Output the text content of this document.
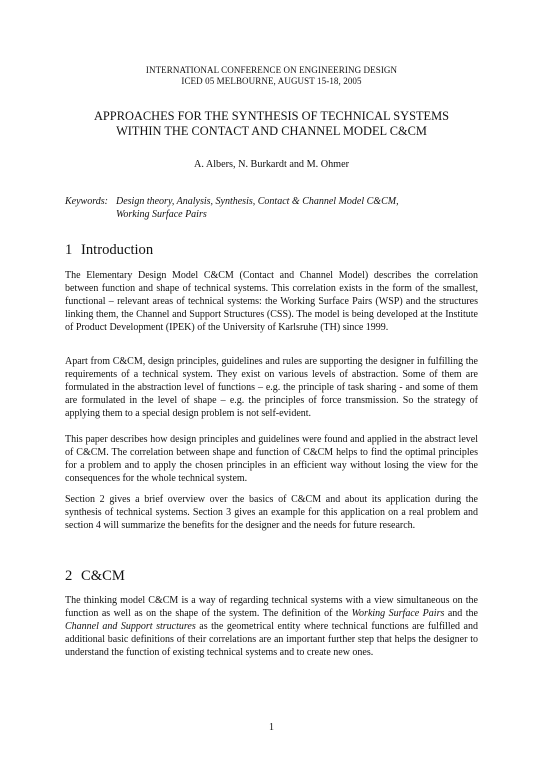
INTERNATIONAL CONFERENCE ON ENGINEERING DESIGN
ICED 05 MELBOURNE, AUGUST 15-18, 2005
APPROACHES FOR THE SYNTHESIS OF TECHNICAL SYSTEMS
WITHIN THE CONTACT AND CHANNEL MODEL C&CM
A. Albers, N. Burkardt and M. Ohmer
Keywords: Design theory, Analysis, Synthesis, Contact & Channel Model C&CM,
Working Surface Pairs
1 Introduction
The Elementary Design Model C&CM (Contact and Channel Model) describes the correlation between function and shape of technical systems. This correlation exists in the form of the smallest, functional – relevant areas of technical systems: the Working Surface Pairs (WSP) and the structures linking them, the Channel and Support Structures (CSS). The model is being developed at the Institute of Product Development (IPEK) of the University of Karlsruhe (TH) since 1999.
Apart from C&CM, design principles, guidelines and rules are supporting the designer in fulfilling the requirements of a technical system. They exist on various levels of abstraction. Some of them are formulated in the abstraction level of functions – e.g. the principle of task sharing - and some of them are formulated in the level of shape – e.g. the principles of force transmission. So the strategy of applying them to a special design problem is not self-evident.
This paper describes how design principles and guidelines were found and applied in the abstract level of C&CM. The correlation between shape and function of C&CM helps to find the optimal principles for a problem and to apply the chosen principles in an efficient way without losing the view for the consequences for the whole technical system.
Section 2 gives a brief overview over the basics of C&CM and about its application during the synthesis of technical systems. Section 3 gives an example for this application on a real problem and section 4 will summarize the benefits for the designer and the needs for future research.
2 C&CM
The thinking model C&CM is a way of regarding technical systems with a view simultaneous on the function as well as on the shape of the system. The definition of the Working Surface Pairs and the Channel and Support structures as the geometrical entity where technical functions are fulfilled and additional basic definitions of their correlations are an important further step that helps the designer to understand the function of existing technical systems and to create new ones.
1
